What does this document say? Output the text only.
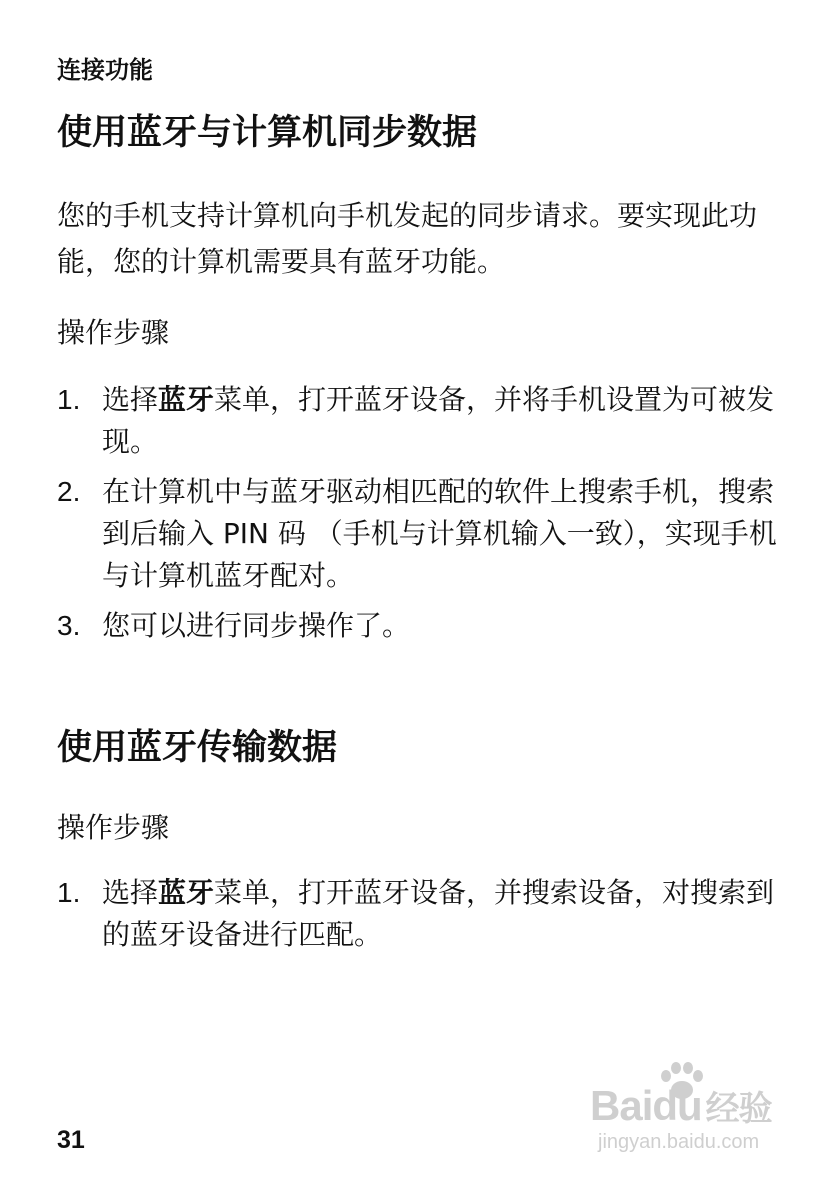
连接功能
使用蓝牙与计算机同步数据
您的手机支持计算机向手机发起的同步请求。要实现此功能，您的计算机需要具有蓝牙功能。
操作步骤
1. 选择蓝牙菜单，打开蓝牙设备，并将手机设置为可被发现。
2. 在计算机中与蓝牙驱动相匹配的软件上搜索手机，搜索到后输入 PIN 码 （手机与计算机输入一致），实现手机与计算机蓝牙配对。
3. 您可以进行同步操作了。
使用蓝牙传输数据
操作步骤
1. 选择蓝牙菜单，打开蓝牙设备，并搜索设备，对搜索到的蓝牙设备进行匹配。
31
Baidu 经验
jingyan.baidu.com
